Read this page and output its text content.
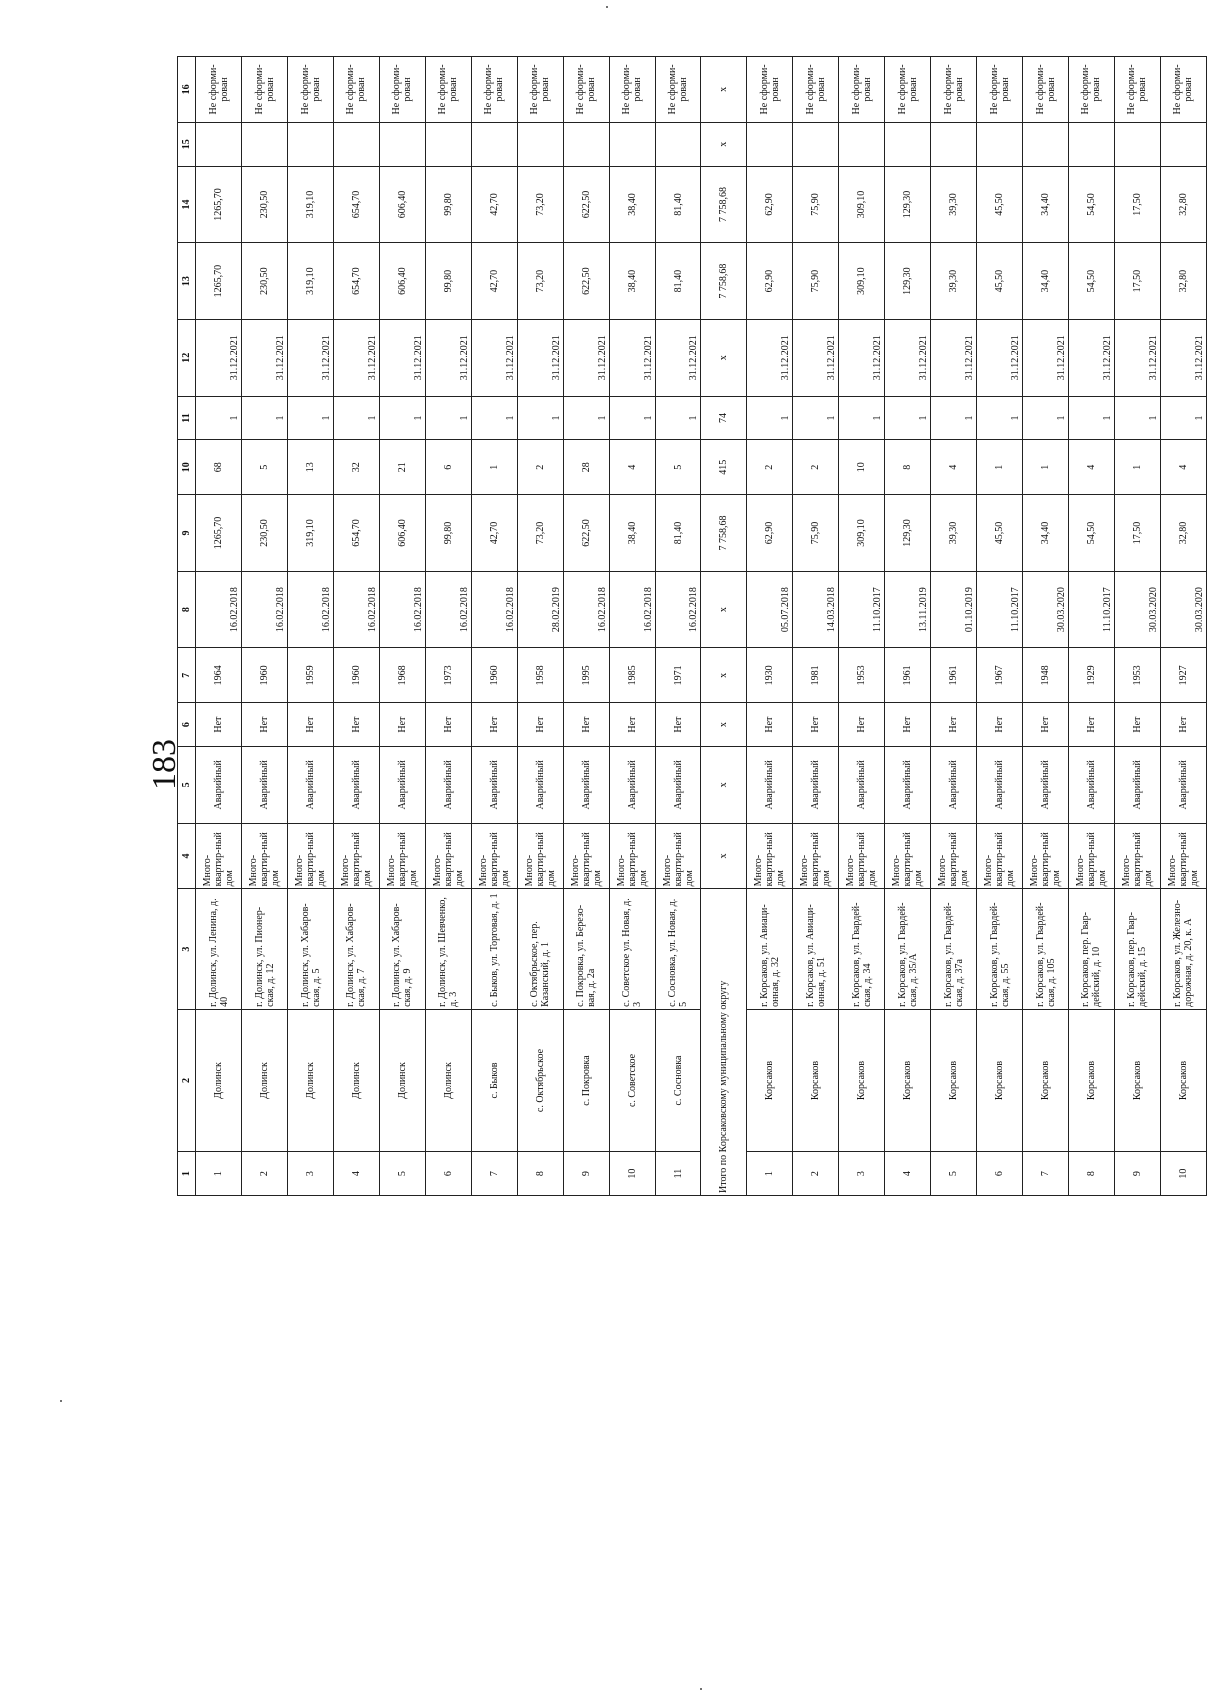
183
1	2	3	4	5	6	7	8	9	10	11	12	13	14	15	16
1	Долинск	г. Долинск, ул. Ленина, д. 40	Много-квартир-ный дом	Аварийный	Нет	1964	16.02.2018	1265,70	68	1	31.12.2021	1265,70	1265,70		Не сформи-рован
2	Долинск	г. Долинск, ул. Пионер-ская, д. 12	Много-квартир-ный дом	Аварийный	Нет	1960	16.02.2018	230,50	5	1	31.12.2021	230,50	230,50		Не сформи-рован
3	Долинск	г. Долинск, ул. Хабаров-ская, д. 5	Много-квартир-ный дом	Аварийный	Нет	1959	16.02.2018	319,10	13	1	31.12.2021	319,10	319,10		Не сформи-рован
4	Долинск	г. Долинск, ул. Хабаров-ская, д. 7	Много-квартир-ный дом	Аварийный	Нет	1960	16.02.2018	654,70	32	1	31.12.2021	654,70	654,70		Не сформи-рован
5	Долинск	г. Долинск, ул. Хабаров-ская, д. 9	Много-квартир-ный дом	Аварийный	Нет	1968	16.02.2018	606,40	21	1	31.12.2021	606,40	606,40		Не сформи-рован
6	Долинск	г. Долинск, ул. Шевченко, д. 3	Много-квартир-ный дом	Аварийный	Нет	1973	16.02.2018	99,80	6	1	31.12.2021	99,80	99,80		Не сформи-рован
7	с. Быков	с. Быков, ул. Торговая, д. 1	Много-квартир-ный дом	Аварийный	Нет	1960	16.02.2018	42,70	1	1	31.12.2021	42,70	42,70		Не сформи-рован
8	с. Октябрьское	с. Октябрьское, пер. Казанский, д. 1	Много-квартир-ный дом	Аварийный	Нет	1958	28.02.2019	73,20	2	1	31.12.2021	73,20	73,20		Не сформи-рован
9	с. Покровка	с. Покровка, ул. Березо-вая, д. 2а	Много-квартир-ный дом	Аварийный	Нет	1995	16.02.2018	622,50	28	1	31.12.2021	622,50	622,50		Не сформи-рован
10	с. Советское	с. Советское ул. Новая, д. 3	Много-квартир-ный дом	Аварийный	Нет	1985	16.02.2018	38,40	4	1	31.12.2021	38,40	38,40		Не сформи-рован
11	с. Сосновка	с. Сосновка, ул. Новая, д. 5	Много-квартир-ный дом	Аварийный	Нет	1971	16.02.2018	81,40	5	1	31.12.2021	81,40	81,40		Не сформи-рован
Итого по Корсаковскому муниципальному округу			х	х	х	х	х	7 758,68	415	74	х	7 758,68	7 758,68	х	х
1	Корсаков	г. Корсаков, ул. Авиаци-онная, д. 32	Много-квартир-ный дом	Аварийный	Нет	1930	05.07.2018	62,90	2	1	31.12.2021	62,90	62,90		Не сформи-рован
2	Корсаков	г. Корсаков, ул. Авиаци-онная, д. 51	Много-квартир-ный дом	Аварийный	Нет	1981	14.03.2018	75,90	2	1	31.12.2021	75,90	75,90		Не сформи-рован
3	Корсаков	г. Корсаков, ул. Гвардей-ская, д. 34	Много-квартир-ный дом	Аварийный	Нет	1953	11.10.2017	309,10	10	1	31.12.2021	309,10	309,10		Не сформи-рован
4	Корсаков	г. Корсаков, ул. Гвардей-ская, д. 35/А	Много-квартир-ный дом	Аварийный	Нет	1961	13.11.2019	129,30	8	1	31.12.2021	129,30	129,30		Не сформи-рован
5	Корсаков	г. Корсаков, ул. Гвардей-ская, д. 37а	Много-квартир-ный дом	Аварийный	Нет	1961	01.10.2019	39,30	4	1	31.12.2021	39,30	39,30		Не сформи-рован
6	Корсаков	г. Корсаков, ул. Гвардей-ская, д. 55	Много-квартир-ный дом	Аварийный	Нет	1967	11.10.2017	45,50	1	1	31.12.2021	45,50	45,50		Не сформи-рован
7	Корсаков	г. Корсаков, ул. Гвардей-ская, д. 105	Много-квартир-ный дом	Аварийный	Нет	1948	30.03.2020	34,40	1	1	31.12.2021	34,40	34,40		Не сформи-рован
8	Корсаков	г. Корсаков, пер. Гвар-дейский, д. 10	Много-квартир-ный дом	Аварийный	Нет	1929	11.10.2017	54,50	4	1	31.12.2021	54,50	54,50		Не сформи-рован
9	Корсаков	г. Корсаков, пер. Гвар-дейский, д. 15	Много-квартир-ный дом	Аварийный	Нет	1953	30.03.2020	17,50	1	1	31.12.2021	17,50	17,50		Не сформи-рован
10	Корсаков	г. Корсаков, ул. Железно-дорожная, д. 20, к. А	Много-квартир-ный дом	Аварийный	Нет	1927	30.03.2020	32,80	4	1	31.12.2021	32,80	32,80		Не сформи-рован
